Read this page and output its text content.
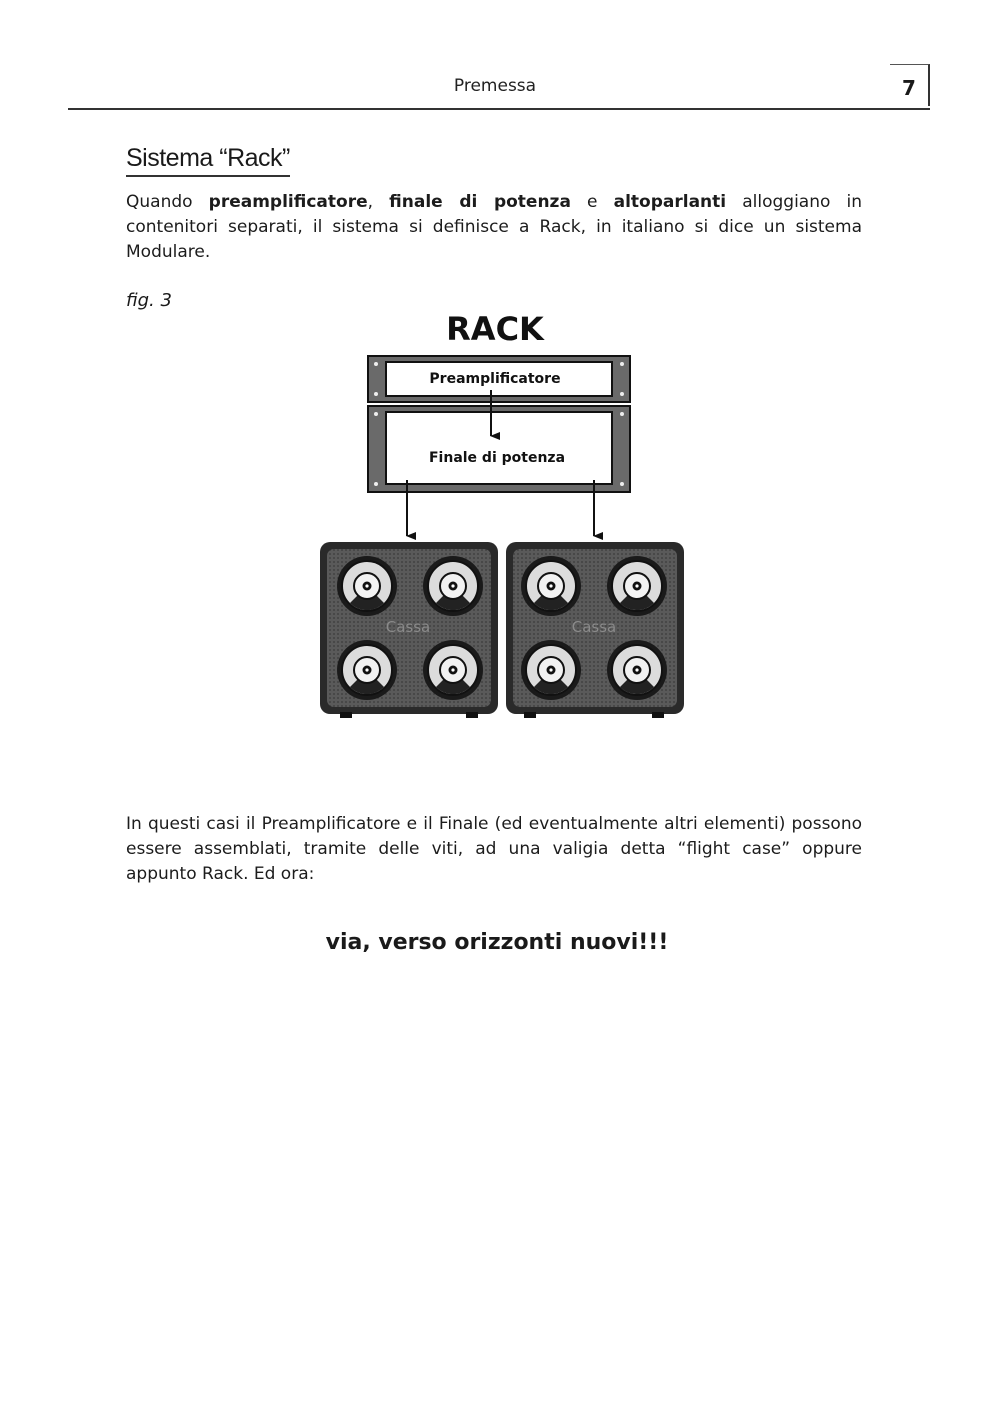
Premessa	7
Sistema “Rack”
Quando preamplificatore, finale di potenza e altoparlanti alloggiano in contenitori separati, il sistema si definisce a Rack, in italiano si dice un sistema Modulare.
fig. 3
RACK
Preamplificatore
Finale di potenza
Cassa	Cassa
In questi casi il Preamplificatore e il Finale (ed eventualmente altri elementi) possono essere assemblati, tramite delle viti, ad una valigia detta “flight case” oppure appunto Rack. Ed ora:
via, verso orizzonti nuovi!!!
